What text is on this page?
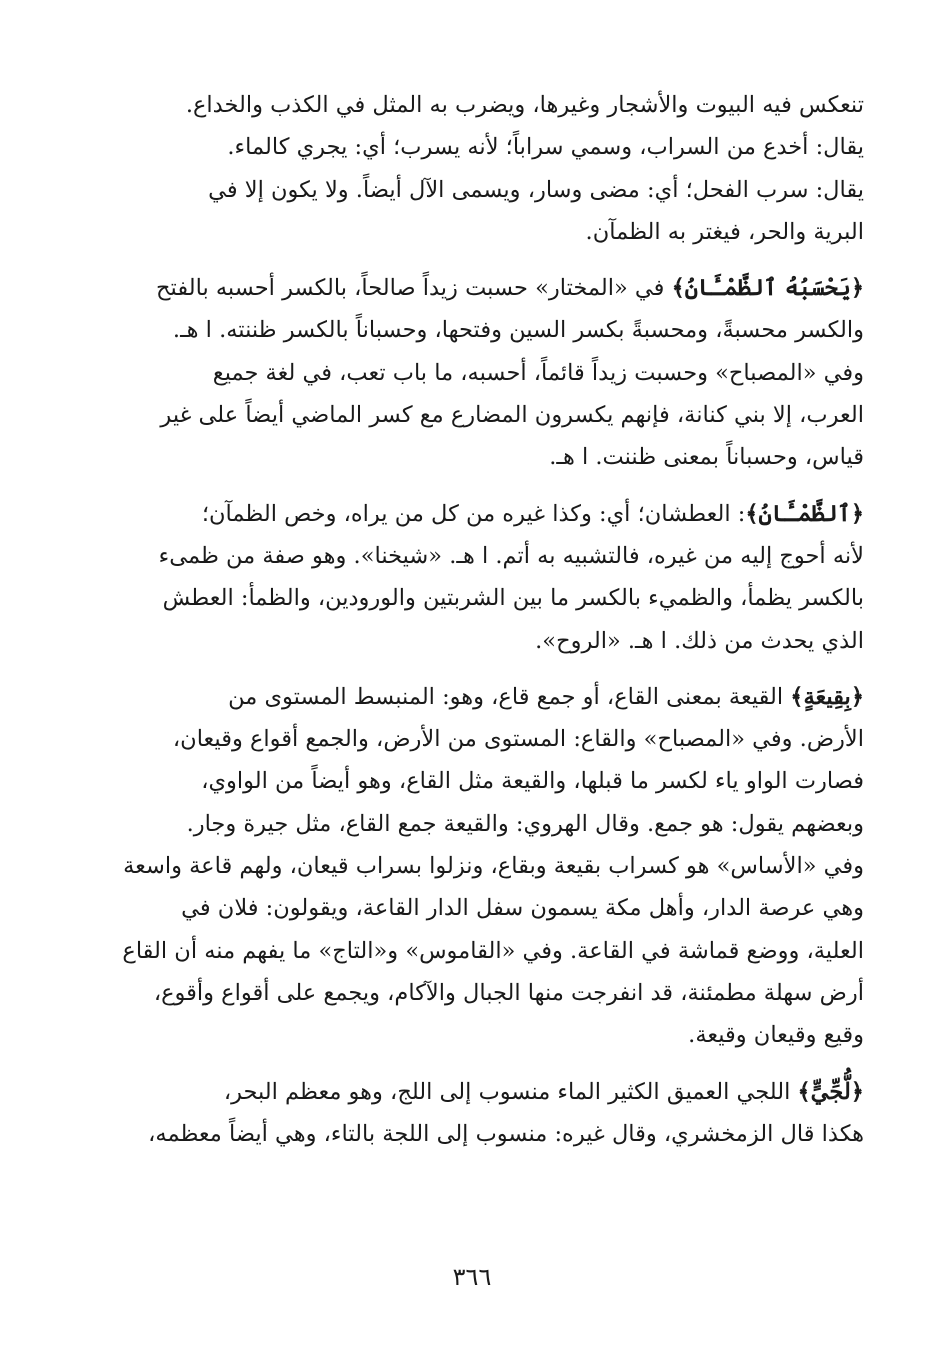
تنعكس فيه البيوت والأشجار وغيرها، ويضرب به المثل في الكذب والخداع.
يقال: أخدع من السراب، وسمي سراباً؛ لأنه يسرب؛ أي: يجري كالماء.
يقال: سرب الفحل؛ أي: مضى وسار، ويسمى الآل أيضاً. ولا يكون إلا في
البرية والحر، فيغتر به الظمآن.

﴿يَحْسَبُهُ ٱلظَّمْـَٔانُ﴾ في «المختار» حسبت زيداً صالحاً، بالكسر أحسبه بالفتح
والكسر محسبةً، ومحسبةً بكسر السين وفتحها، وحسباناً بالكسر ظننته. ا هـ.
وفي «المصباح» وحسبت زيداً قائماً، أحسبه، ما باب تعب، في لغة جميع
العرب، إلا بني كنانة، فإنهم يكسرون المضارع مع كسر الماضي أيضاً على غير
قياس، وحسباناً بمعنى ظننت. ا هـ.

﴿ٱلظَّمْـَٔانُ﴾: العطشان؛ أي: وكذا غيره من كل من يراه، وخص الظمآن؛
لأنه أحوج إليه من غيره، فالتشبيه به أتم. ا هـ. «شيخنا». وهو صفة من ظمىء
بالكسر يظمأ، والظميء بالكسر ما بين الشربتين والورودين، والظمأ: العطش
الذي يحدث من ذلك. ا هـ. «الروح».

﴿بِقِيعَةٍ﴾ القيعة بمعنى القاع، أو جمع قاع، وهو: المنبسط المستوى من
الأرض. وفي «المصباح» والقاع: المستوى من الأرض، والجمع أقواع وقيعان،
فصارت الواو ياء لكسر ما قبلها، والقيعة مثل القاع، وهو أيضاً من الواوي،
وبعضهم يقول: هو جمع. وقال الهروي: والقيعة جمع القاع، مثل جيرة وجار.
وفي «الأساس» هو كسراب بقيعة وبقاع، ونزلوا بسراب قيعان، ولهم قاعة واسعة
وهي عرصة الدار، وأهل مكة يسمون سفل الدار القاعة، ويقولون: فلان في
العلية، ووضع قماشة في القاعة. وفي «القاموس» و«التاج» ما يفهم منه أن القاع
أرض سهلة مطمئنة، قد انفرجت منها الجبال والآكام، ويجمع على أقواع وأقوع،
وقيع وقيعان وقيعة.

﴿لُّجِّيٍّ﴾ اللجي العميق الكثير الماء منسوب إلى اللج، وهو معظم البحر،
هكذا قال الزمخشري، وقال غيره: منسوب إلى اللجة بالتاء، وهي أيضاً معظمه،

٣٦٦
